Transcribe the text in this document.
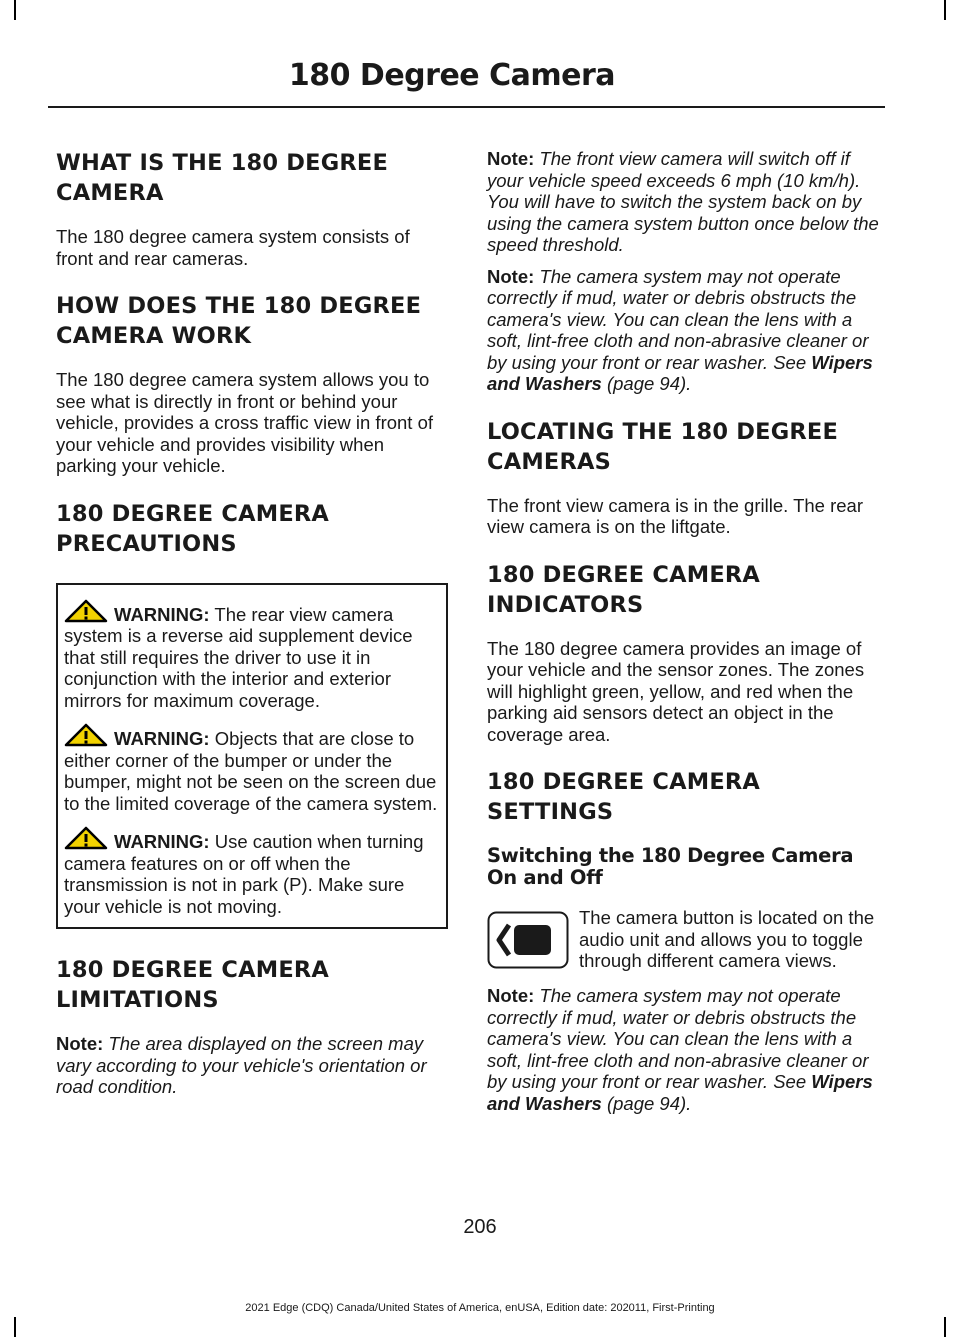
180 Degree Camera
WHAT IS THE 180 DEGREE CAMERA
The 180 degree camera system consists of front and rear cameras.
HOW DOES THE 180 DEGREE CAMERA WORK
The 180 degree camera system allows you to see what is directly in front or behind your vehicle, provides a cross traffic view in front of your vehicle and provides visibility when parking your vehicle.
180 DEGREE CAMERA PRECAUTIONS
WARNING: The rear view camera system is a reverse aid supplement device that still requires the driver to use it in conjunction with the interior and exterior mirrors for maximum coverage.
WARNING: Objects that are close to either corner of the bumper or under the bumper, might not be seen on the screen due to the limited coverage of the camera system.
WARNING: Use caution when turning camera features on or off when the transmission is not in park (P). Make sure your vehicle is not moving.
180 DEGREE CAMERA LIMITATIONS
Note: The area displayed on the screen may vary according to your vehicle's orientation or road condition.
Note: The front view camera will switch off if your vehicle speed exceeds 6 mph (10 km/h). You will have to switch the system back on by using the camera system button once below the speed threshold.
Note: The camera system may not operate correctly if mud, water or debris obstructs the camera's view. You can clean the lens with a soft, lint-free cloth and non-abrasive cleaner or by using your front or rear washer. See Wipers and Washers (page 94).
LOCATING THE 180 DEGREE CAMERAS
The front view camera is in the grille. The rear view camera is on the liftgate.
180 DEGREE CAMERA INDICATORS
The 180 degree camera provides an image of your vehicle and the sensor zones. The zones will highlight green, yellow, and red when the parking aid sensors detect an object in the coverage area.
180 DEGREE CAMERA SETTINGS
Switching the 180 Degree Camera On and Off
The camera button is located on the audio unit and allows you to toggle through different camera views.
Note: The camera system may not operate correctly if mud, water or debris obstructs the camera's view. You can clean the lens with a soft, lint-free cloth and non-abrasive cleaner or by using your front or rear washer. See Wipers and Washers (page 94).
206
2021 Edge (CDQ) Canada/United States of America, enUSA, Edition date: 202011, First-Printing
